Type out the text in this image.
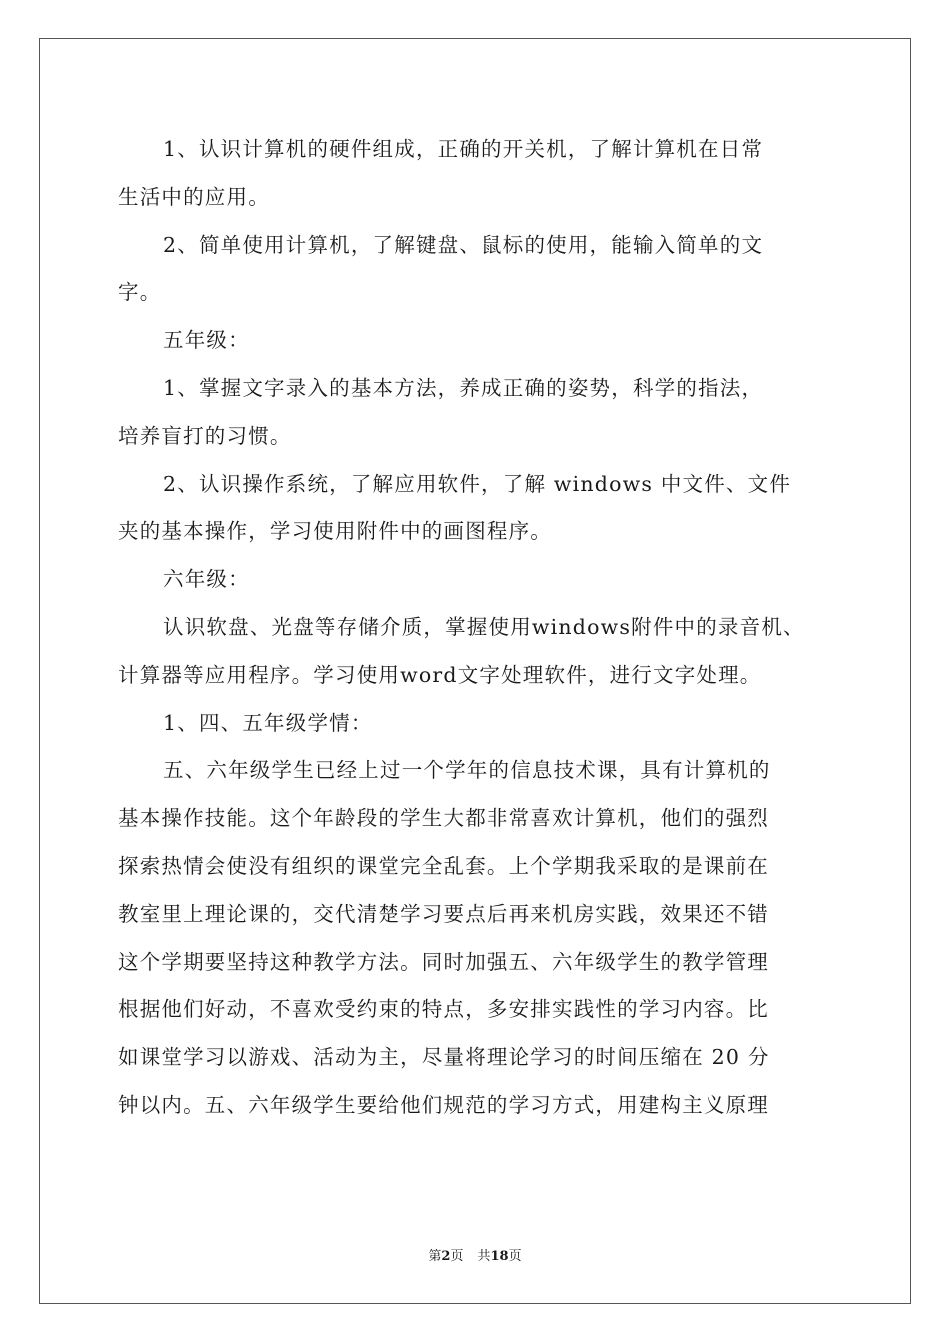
1、认识计算机的硬件组成，正确的开关机，了解计算机在日常
生活中的应用。
2、简单使用计算机，了解键盘、鼠标的使用，能输入简单的文
字。
五年级：
1、掌握文字录入的基本方法，养成正确的姿势，科学的指法，
培养盲打的习惯。
2、认识操作系统，了解应用软件，了解 windows 中文件、文件
夹的基本操作，学习使用附件中的画图程序。
六年级：
认识软盘、光盘等存储介质，掌握使用windows附件中的录音机、
计算器等应用程序。学习使用word文字处理软件，进行文字处理。
1、四、五年级学情：
五、六年级学生已经上过一个学年的信息技术课，具有计算机的
基本操作技能。这个年龄段的学生大都非常喜欢计算机，他们的强烈
探索热情会使没有组织的课堂完全乱套。上个学期我采取的是课前在
教室里上理论课的，交代清楚学习要点后再来机房实践，效果还不错
这个学期要坚持这种教学方法。同时加强五、六年级学生的教学管理
根据他们好动，不喜欢受约束的特点，多安排实践性的学习内容。比
如课堂学习以游戏、活动为主，尽量将理论学习的时间压缩在 20 分
钟以内。五、六年级学生要给他们规范的学习方式，用建构主义原理
第2页 共18页
